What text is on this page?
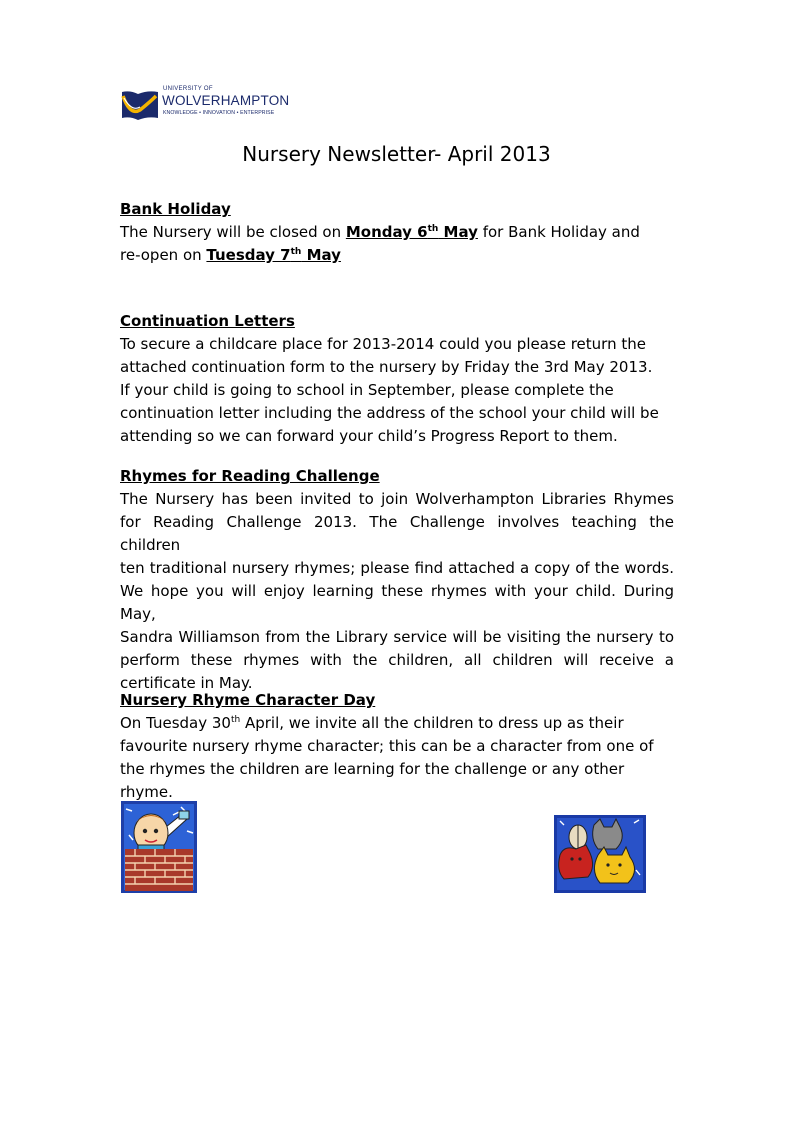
UNIVERSITY OF
WOLVERHAMPTON
KNOWLEDGE • INNOVATION • ENTERPRISE
Nursery Newsletter- April 2013

Bank Holiday

The Nursery will be closed on Monday 6th May for Bank Holiday and

re-open on Tuesday 7th May

Continuation Letters

To secure a childcare place for 2013-2014 could you please return the

attached continuation form to the nursery by Friday the 3rd May 2013.

If your child is going to school in September, please complete the

continuation letter including the address of the school your child will be

attending so we can forward your child’s Progress Report to them.

Rhymes for Reading Challenge

The Nursery has been invited to join Wolverhampton Libraries Rhymes

for Reading Challenge 2013. The Challenge involves teaching the children

ten traditional nursery rhymes; please find attached a copy of the words.

We hope you will enjoy learning these rhymes with your child. During May,

Sandra Williamson from the Library service will be visiting the nursery to

perform these rhymes with the children, all children will receive a

certificate in May.

Nursery Rhyme Character Day

On Tuesday 30th April, we invite all the children to dress up as their

favourite nursery rhyme character; this can be a character from one of

the rhymes the children are learning for the challenge or any other

rhyme.
